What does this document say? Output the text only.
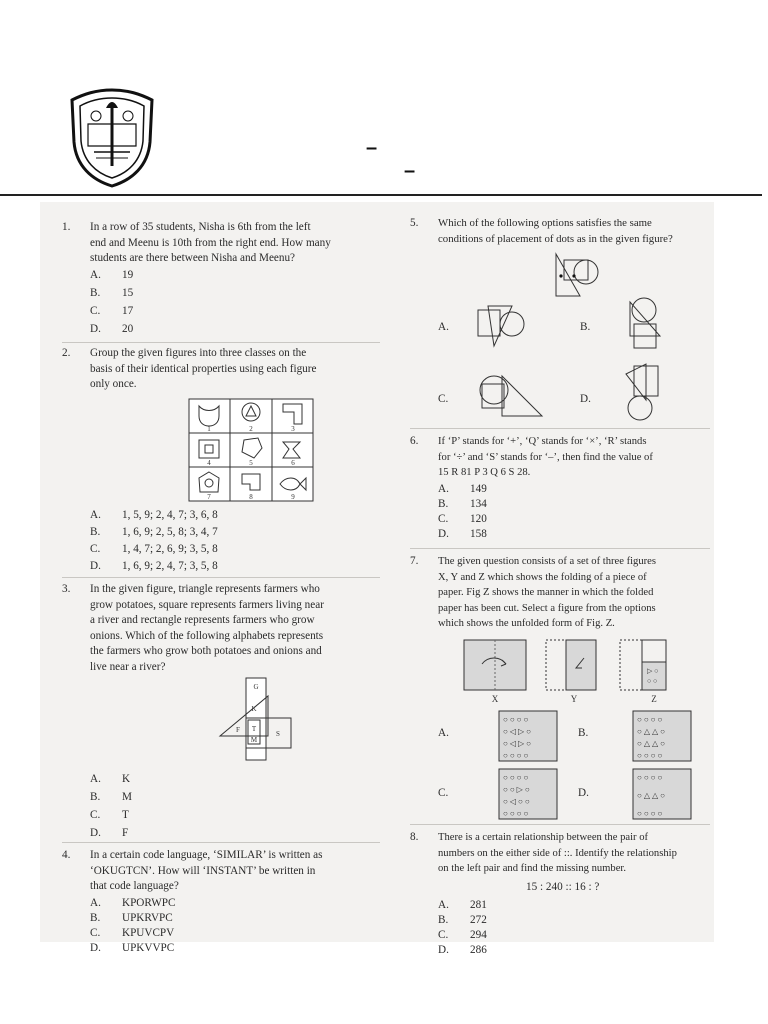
–
–
1. In a row of 35 students, Nisha is 6th from the left
end and Meenu is 10th from the right end. How many
students are there between Nisha and Meenu?
A. 19
B. 15
C. 17
D. 20
2. Group the given figures into three classes on the
basis of their identical properties using each figure
only once.
1	2	3
4	5	6
7	8	9
A. 1, 5, 9; 2, 4, 7; 3, 6, 8
B. 1, 6, 9; 2, 5, 8; 3, 4, 7
C. 1, 4, 7; 2, 6, 9; 3, 5, 8
D. 1, 6, 9; 2, 4, 7; 3, 5, 8
3. In the given figure, triangle represents farmers who
grow potatoes, square represents farmers living near
a river and rectangle represents farmers who grow
onions. Which of the following alphabets represents
the farmers who grow both potatoes and onions and
live near a river?
G
K
F T
S
M
A. K
B. M
C. T
D. F
4. In a certain code language, ‘SIMILAR’ is written as
‘OKUGTCN’. How will ‘INSTANT’ be written in
that code language?
A. KPORWPC
B. UPKRVPC
C. KPUVCPV
D. UPKVVPC
5. Which of the following options satisfies the same
conditions of placement of dots as in the given figure?
A.	B.
C.	D.
6. If ‘P’ stands for ‘+’, ‘Q’ stands for ‘×’, ‘R’ stands
for ‘÷’ and ‘S’ stands for ‘–’, then find the value of
15 R 81 P 3 Q 6 S 28.
A. 149
B. 134
C. 120
D. 158
7. The given question consists of a set of three figures
X, Y and Z which shows the folding of a piece of
paper. Fig Z shows the manner in which the folded
paper has been cut. Select a figure from the options
which shows the unfolded form of Fig. Z.
▷ ○
○ ○
X	Y	Z
A.
○ ○ ○ ○
○ ◁ ▷ ○
○ ◁ ▷ ○
○ ○ ○ ○
B.
○ ○ ○ ○
○ △ △ ○
○ △ △ ○
○ ○ ○ ○
C.
○ ○ ○ ○
○ ○ ▷ ○
○ ◁ ○ ○
○ ○ ○ ○
D.
○ ○ ○ ○
○ △ △ ○
○ ○ ○ ○
8. There is a certain relationship between the pair of
numbers on the either side of ::. Identify the relationship
on the left pair and find the missing number.
15 : 240 :: 16 : ?
A. 281
B. 272
C. 294
D. 286
